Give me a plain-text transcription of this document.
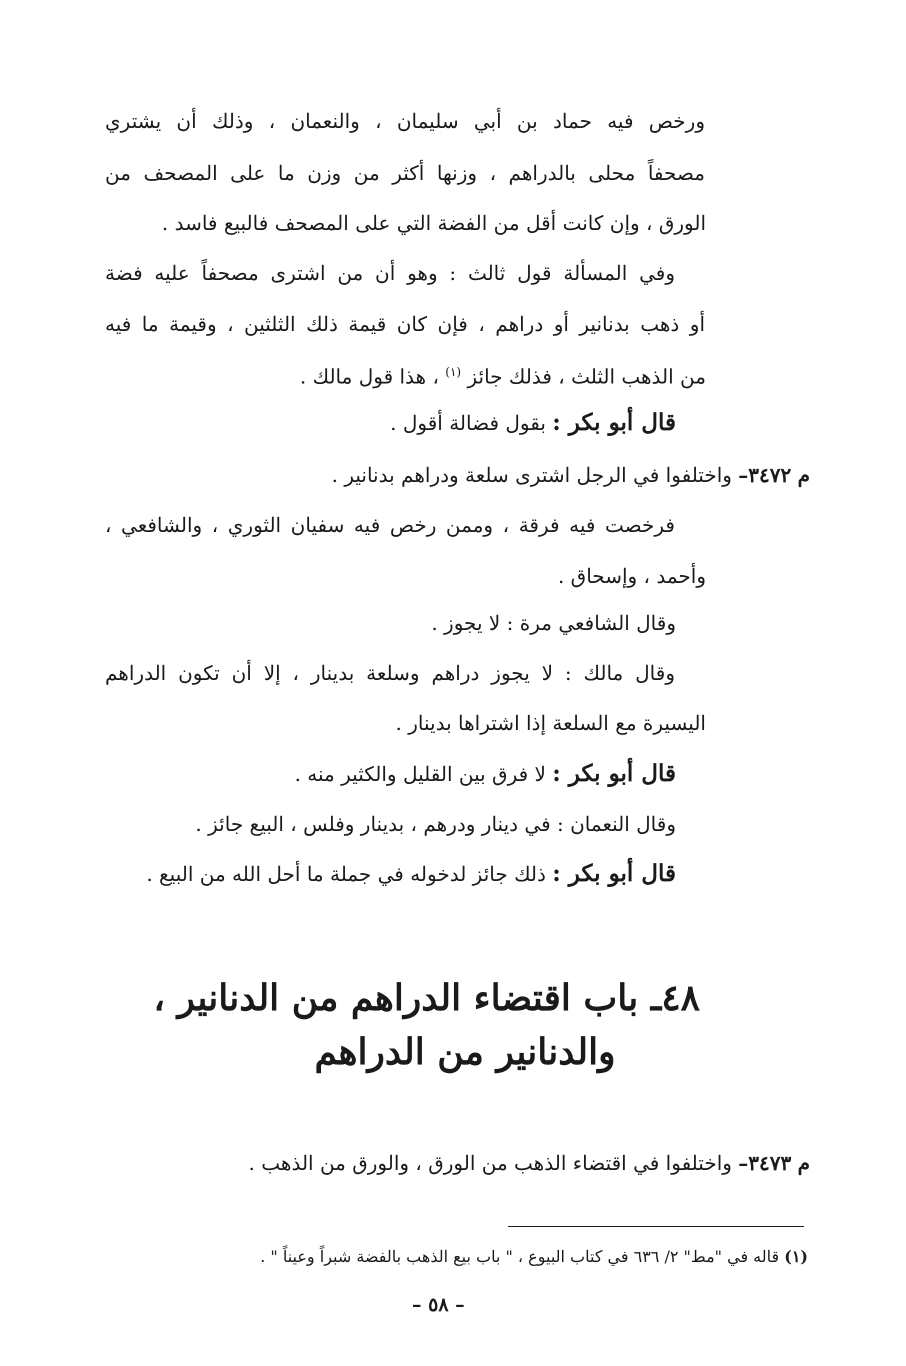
ورخص فيه حماد بن أبي سليمان ، والنعمان ، وذلك أن يشتري
مصحفاً محلى بالدراهم ، وزنها أكثر من وزن ما على المصحف من
الورق ، وإن كانت أقل من الفضة التي على المصحف فالبيع فاسد .
وفي المسألة قول ثالث : وهو أن من اشترى مصحفاً عليه فضة
أو ذهب بدنانير أو دراهم ، فإن كان قيمة ذلك الثلثين ، وقيمة ما فيه
من الذهب الثلث ، فذلك جائز $^{(١)}$ ، هذا قول مالك .
قال أبو بكر : بقول فضالة أقول .
م ٣٤٧٢– واختلفوا في الرجل اشترى سلعة ودراهم بدنانير .
فرخصت فيه فرقة ، وممن رخص فيه سفيان الثوري ، والشافعي ،
وأحمد ، وإسحاق .
وقال الشافعي مرة : لا يجوز .
وقال مالك : لا يجوز دراهم وسلعة بدينار ، إلا أن تكون الدراهم
اليسيرة مع السلعة إذا اشتراها بدينار .
قال أبو بكر : لا فرق بين القليل والكثير منه .
وقال النعمان : في دينار ودرهم ، بدينار وفلس ، البيع جائز .
قال أبو بكر : ذلك جائز لدخوله في جملة ما أحل الله من البيع .
٤٨ـ باب اقتضاء الدراهم من الدنانير ،
والدنانير من الدراهم
م ٣٤٧٣– واختلفوا في اقتضاء الذهب من الورق ، والورق من الذهب .
(١) قاله في "مط" ٢/ ٦٣٦ في كتاب البيوع ، " باب بيع الذهب بالفضة شبراً وعيناً " .
– ٥٨ –
